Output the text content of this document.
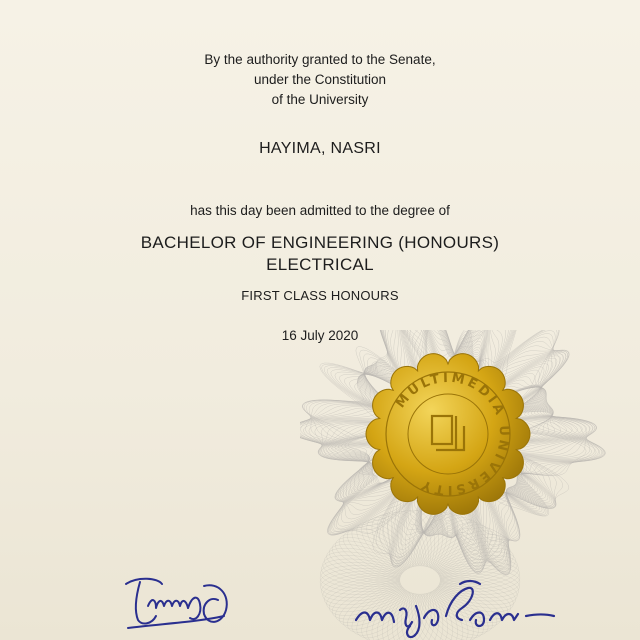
By the authority granted to the Senate,
under the Constitution
of the University
HAYIMA, NASRI
has this day been admitted to the degree of
BACHELOR OF ENGINEERING (HONOURS)
ELECTRICAL
FIRST CLASS HONOURS
16 July 2020
MULTIMEDIA UNIVERSITY
